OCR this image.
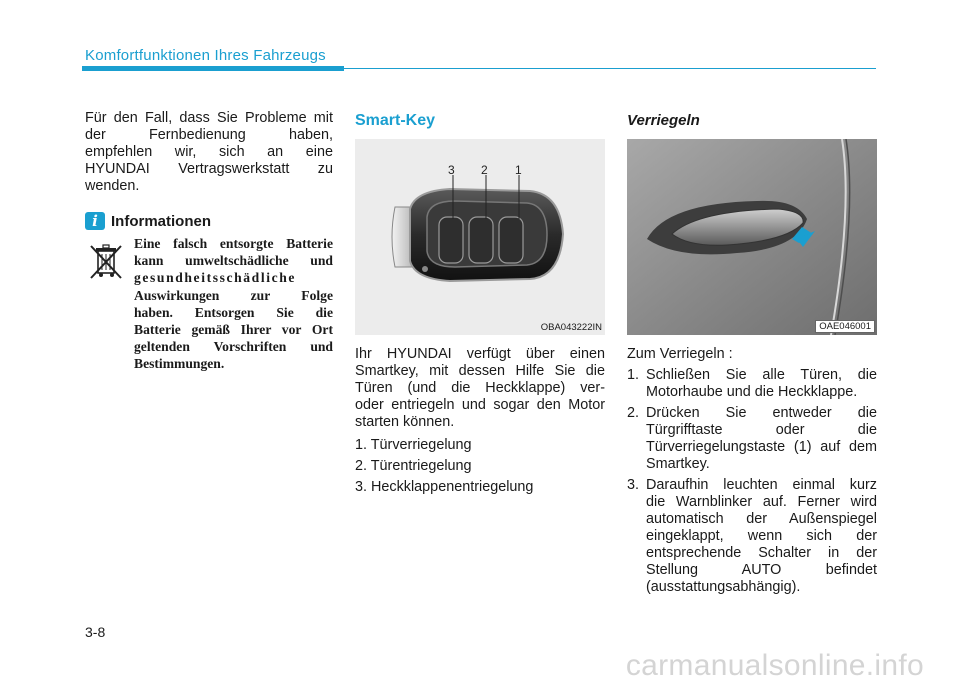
Komfortfunktionen Ihres Fahrzeugs

Für den Fall, dass Sie Probleme mit

der Fernbedienung haben,

empfehlen wir, sich an eine

HYUNDAI Vertragswerkstatt zu

wenden.

i Informationen

Eine falsch entsorgte Batterie

kann umweltschädliche und

gesundheitsschädliche

Auswirkungen zur Folge

haben. Entsorgen Sie die

Batterie gemäß Ihrer vor Ort

geltenden Vorschriften und

Bestimmungen.

Smart-Key
3 2 1
OBA043222IN

Ihr HYUNDAI verfügt über einen

Smartkey, mit dessen Hilfe Sie die

Türen (und die Heckklappe) ver-

oder entriegeln und sogar den Motor

starten können.

1. Türverriegelung
2. Türentriegelung
3. Heckklappenentriegelung
Verriegeln
OAE046001
Zum Verriegeln :
1. Schließen Sie alle Türen, die

Motorhaube und die Heckklappe.

2. Drücken Sie entweder die

Türgrifftaste oder die

Türverriegelungstaste (1) auf dem

Smartkey.

3. Daraufhin leuchten einmal kurz

die Warnblinker auf. Ferner wird

automatisch der Außenspiegel

eingeklappt, wenn sich der

entsprechende Schalter in der

Stellung AUTO befindet

(ausstattungsabhängig).

3-8
carmanualsonline.info
